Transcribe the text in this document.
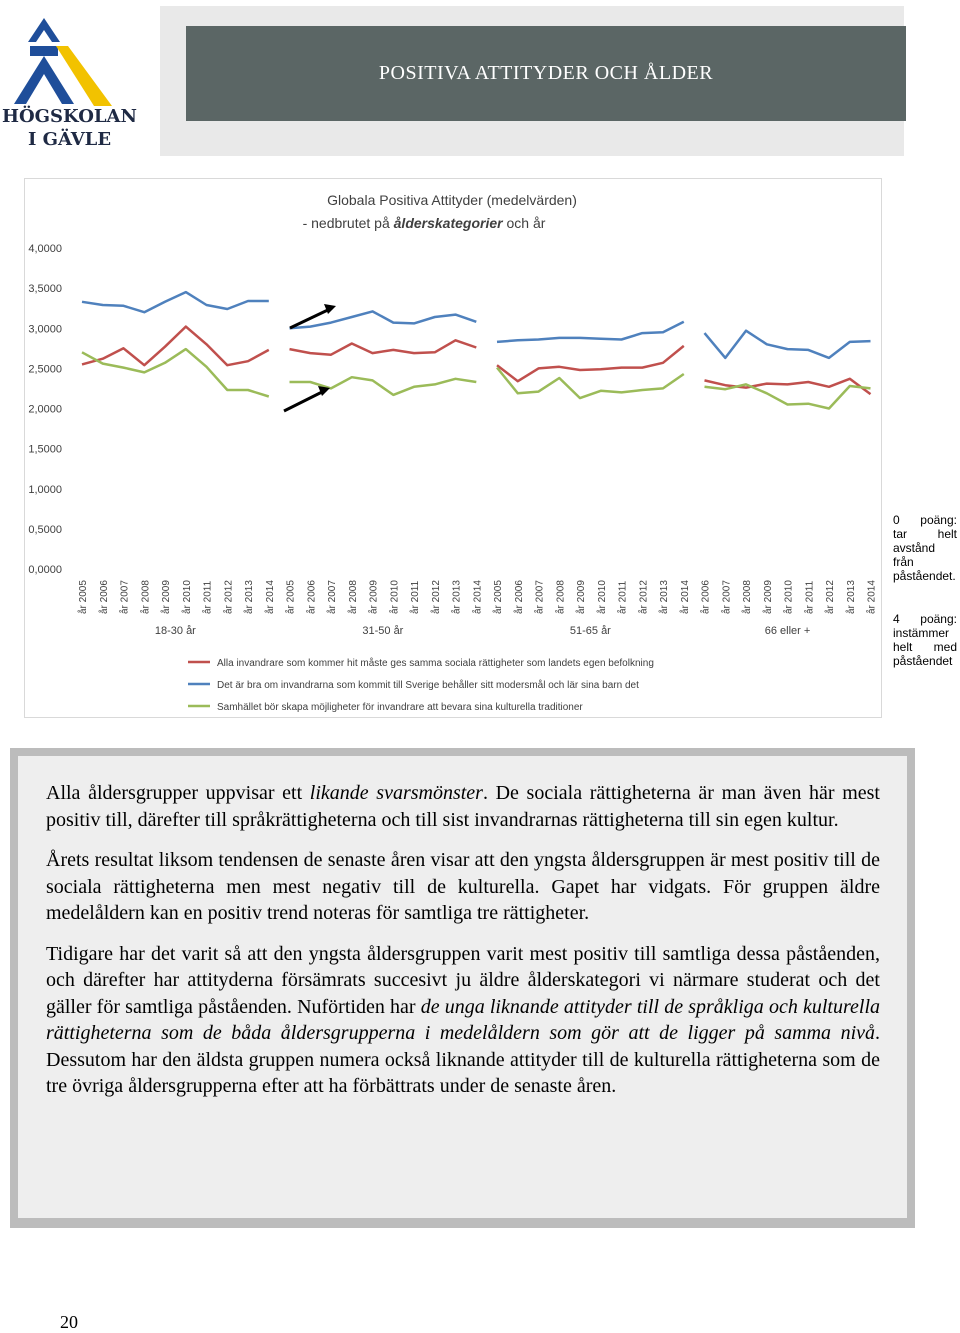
HÖGSKOLAN
I GÄVLE
POSITIVA ATTITYDER OCH ÅLDER
Globala Positiva Attityder (medelvärden)
- nedbrutet på ålderskategorier och år
4,0000
3,5000
3,0000
2,5000
2,0000
1,5000
1,0000
0,5000
0,0000
år 2005 år 2006 år 2007 år 2008 år 2009 år 2010 år 2011 år 2012 år 2013 år 2014
18-30 år
år 2005 år 2006 år 2007 år 2008 år 2009 år 2010 år 2011 år 2012 år 2013 år 2014
31-50 år
år 2005 år 2006 år 2007 år 2008 år 2009 år 2010 år 2011 år 2012 år 2013 år 2014
51-65 år
år 2006 år 2007 år 2008 år 2009 år 2010 år 2011 år 2012 år 2013 år 2014
66 eller +
Alla invandrare som kommer hit måste ges samma sociala rättigheter som landets egen befolkning
Det är bra om invandrarna som kommit till Sverige behåller sitt modersmål och lär sina barn det
Samhället bör skapa möjligheter för invandrare att bevara sina kulturella traditioner
0 poäng: tar helt avstånd från påståendet.
4 poäng: instämmer helt med påståendet

Alla åldersgrupper uppvisar ett likande svarsmönster. De sociala rättigheterna är man även här mest positiv till, därefter till språkrättigheterna och till sist invandrarnas rättigheterna till sin egen kultur.

Årets resultat liksom tendensen de senaste åren visar att den yngsta åldersgruppen är mest positiv till de sociala rättigheterna men mest negativ till de kulturella. Gapet har vidgats. För gruppen äldre medelåldern kan en positiv trend noteras för samtliga tre rättigheter.

Tidigare har det varit så att den yngsta åldersgruppen varit mest positiv till samtliga dessa påståenden, och därefter har attityderna försämrats succesivt ju äldre ålderskategori vi närmare studerat och det gäller för samtliga påståenden. Nuförtiden har de unga liknande attityder till de språkliga och kulturella rättigheterna som de båda åldersgrupperna i medelåldern som gör att de ligger på samma nivå. Dessutom har den äldsta gruppen numera också liknande attityder till de kulturella rättigheterna som de tre övriga åldersgrupperna efter att ha förbättrats under de senaste åren.

20
